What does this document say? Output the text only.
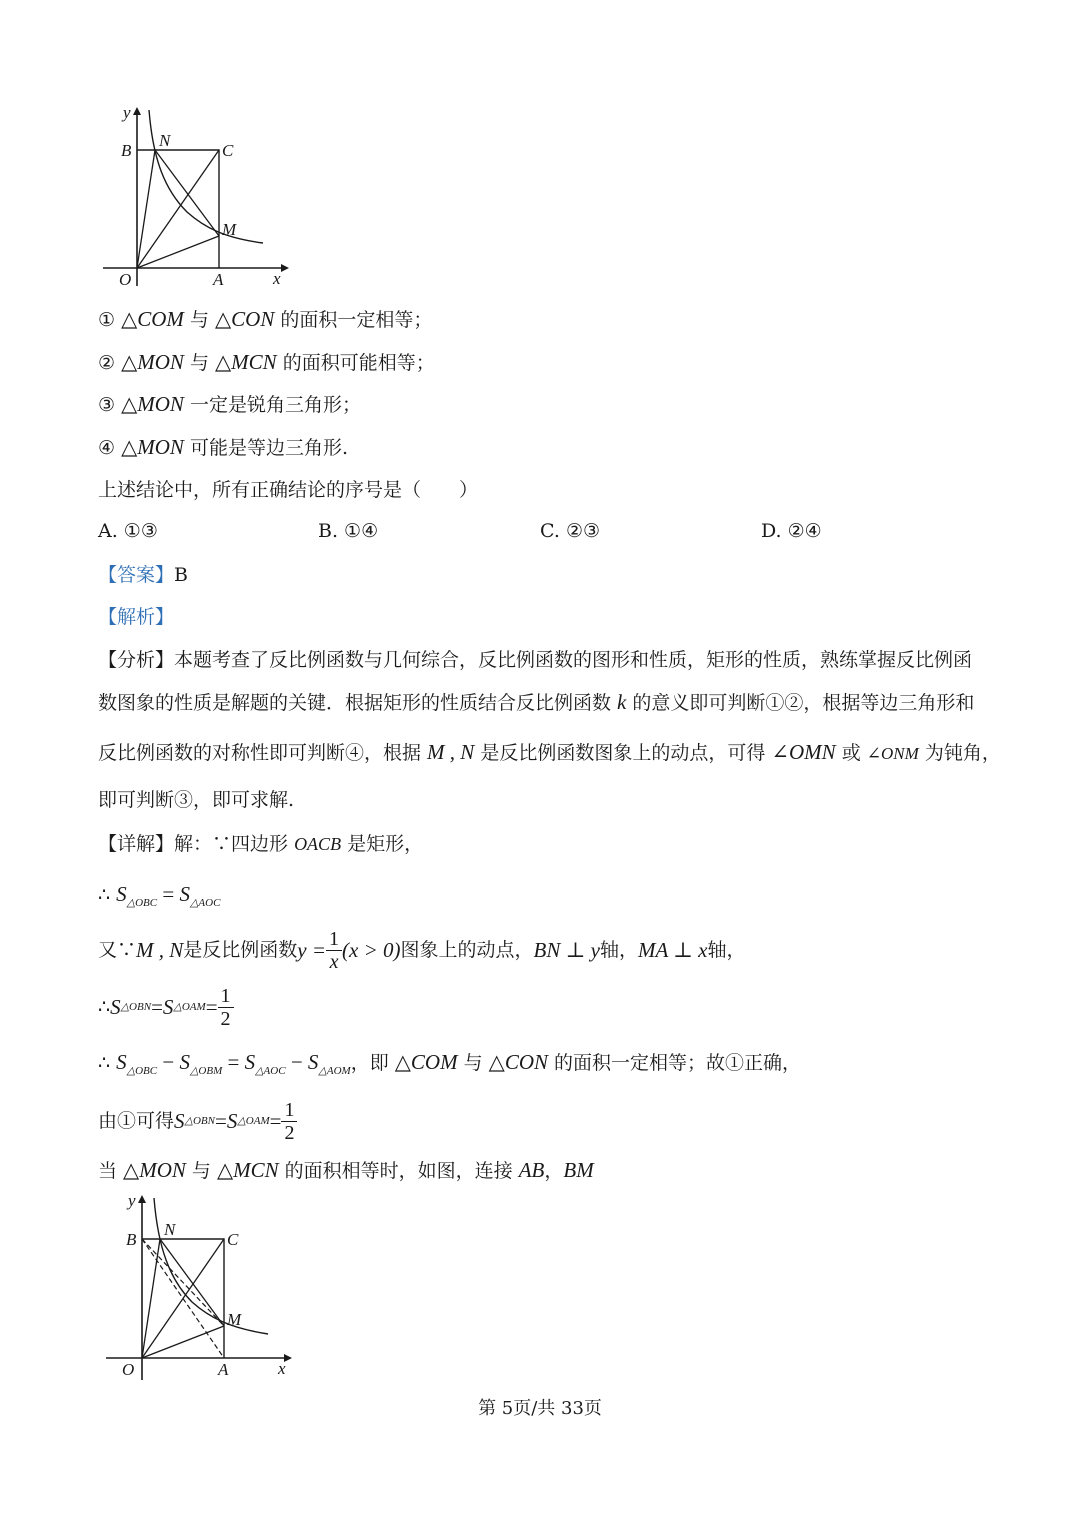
y
x
O	A
B	C
N
M
① △COM 与 △CON 的面积一定相等；
② △MON 与 △MCN 的面积可能相等；
③ △MON 一定是锐角三角形；
④ △MON 可能是等边三角形.
上述结论中，所有正确结论的序号是（　　）
A. ①③	B. ①④	C. ②③	D. ②④
【答案】B
【解析】
【分析】本题考查了反比例函数与几何综合，反比例函数的图形和性质，矩形的性质，熟练掌握反比例函
数图象的性质是解题的关键．根据矩形的性质结合反比例函数 k 的意义即可判断①②，根据等边三角形和
反比例函数的对称性即可判断④，根据 M , N 是反比例函数图象上的动点，可得 ∠OMN 或 ∠ONM 为钝角，
即可判断③，即可求解.
【详解】解：∵四边形 OACB 是矩形，
∴ $S_{\triangle OBC} = S_{\triangle AOC}$
又∵ M , N 是反比例函数 $y = \frac{1}{x} (x > 0)$ 图象上的动点， BN ⊥ y 轴， MA ⊥ x 轴，
∴ S △OBN = S △OAM = $\frac{1}{2}$
∴ $S_{\triangle OBC} - S_{\triangle OBM} = S_{\triangle AOC} - S_{\triangle AOM}$，即 △COM 与 △CON 的面积一定相等；故①正确，
由①可得 S △OBN = S △OAM = $\frac{1}{2}$
当 △MON 与 △MCN 的面积相等时，如图，连接 AB，BM
y
x
O	A
B	C
N
M
第 5页/共 33页
